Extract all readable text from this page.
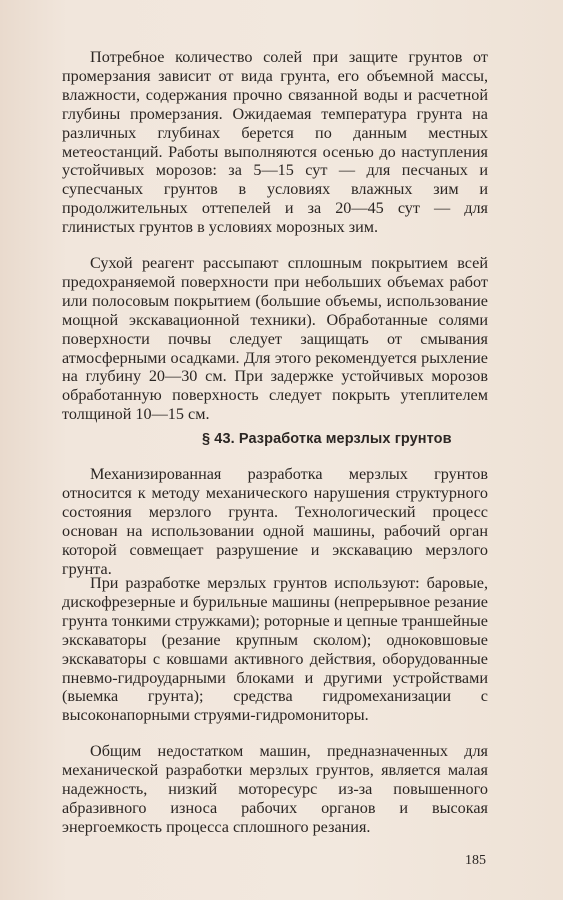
Потребное количество солей при защите грунтов от промерзания зависит от вида грунта, его объемной массы, влажности, содержания прочно связанной воды и расчетной глубины промерзания. Ожидаемая температура грунта на различных глубинах берется по данным местных метеостанций. Работы выполняются осенью до наступления устойчивых морозов: за 5—15 сут — для песчаных и супесчаных грунтов в условиях влажных зим и продолжительных оттепелей и за 20—45 сут — для глинистых грунтов в условиях морозных зим.

Сухой реагент рассыпают сплошным покрытием всей предохраняемой поверхности при небольших объемах работ или полосовым покрытием (большие объемы, использование мощной экскавационной техники). Обработанные солями поверхности почвы следует защищать от смывания атмосферными осадками. Для этого рекомендуется рыхление на глубину 20—30 см. При задержке устойчивых морозов обработанную поверхность следует покрыть утеплителем толщиной 10—15 см.

§ 43. Разработка мерзлых грунтов

Механизированная разработка мерзлых грунтов относится к методу механического нарушения структурного состояния мерзлого грунта. Технологический процесс основан на использовании одной машины, рабочий орган которой совмещает разрушение и экскавацию мерзлого грунта.

При разработке мерзлых грунтов используют: баровые, дискофрезерные и бурильные машины (непрерывное резание грунта тонкими стружками); роторные и цепные траншейные экскаваторы (резание крупным сколом); одноковшовые экскаваторы с ковшами активного действия, оборудованные пневмо-гидроударными блоками и другими устройствами (выемка грунта); средства гидромеханизации с высоконапорными струями-гидромониторы.

Общим недостатком машин, предназначенных для механической разработки мерзлых грунтов, является малая надежность, низкий моторесурс из-за повышенного абразивного износа рабочих органов и высокая энергоемкость процесса сплошного резания.

185
